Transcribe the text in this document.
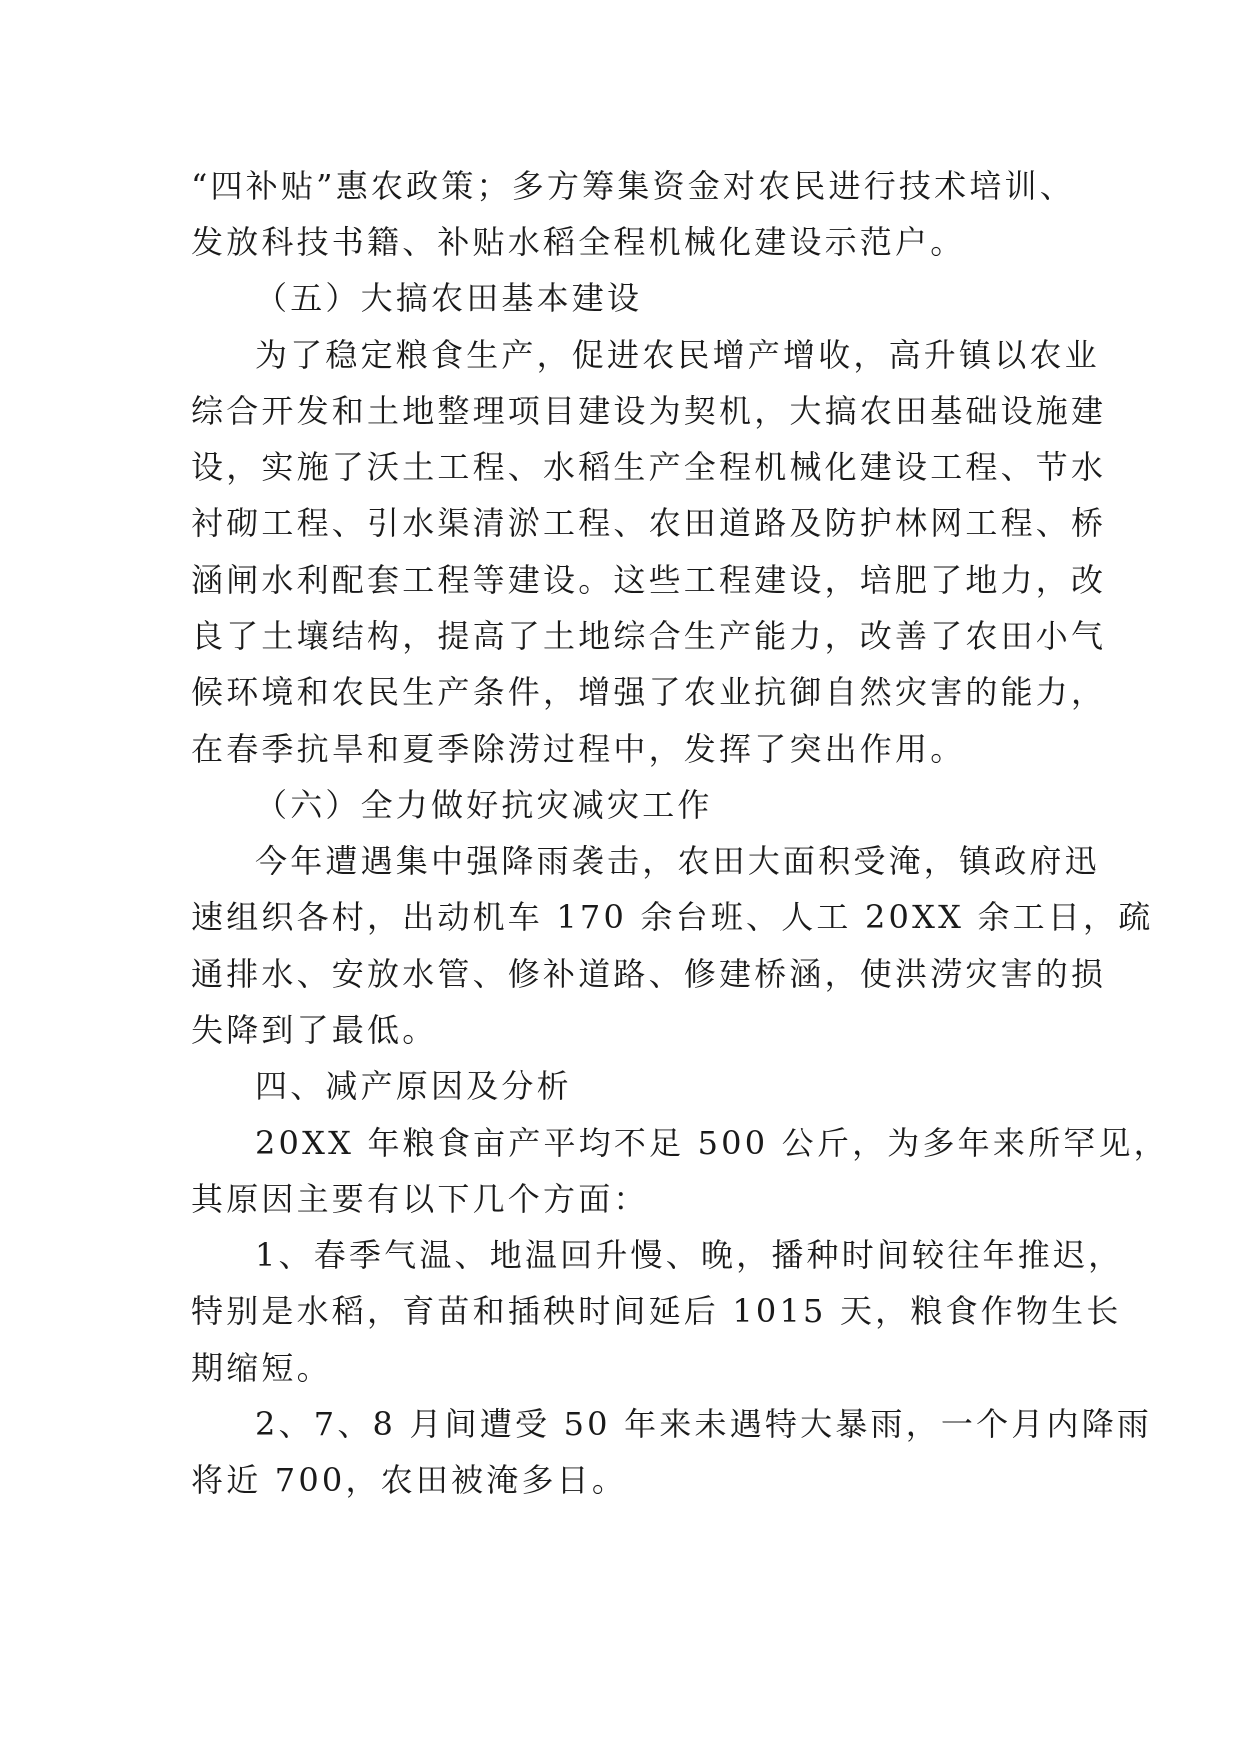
“四补贴”惠农政策；多方筹集资金对农民进行技术培训、
发放科技书籍、补贴水稻全程机械化建设示范户。
（五）大搞农田基本建设
为了稳定粮食生产，促进农民增产增收，高升镇以农业
综合开发和土地整理项目建设为契机，大搞农田基础设施建
设，实施了沃土工程、水稻生产全程机械化建设工程、节水
衬砌工程、引水渠清淤工程、农田道路及防护林网工程、桥
涵闸水利配套工程等建设。这些工程建设，培肥了地力，改
良了土壤结构，提高了土地综合生产能力，改善了农田小气
候环境和农民生产条件，增强了农业抗御自然灾害的能力，
在春季抗旱和夏季除涝过程中，发挥了突出作用。
（六）全力做好抗灾减灾工作
今年遭遇集中强降雨袭击，农田大面积受淹，镇政府迅
速组织各村，出动机车 170 余台班、人工 20XX 余工日，疏
通排水、安放水管、修补道路、修建桥涵，使洪涝灾害的损
失降到了最低。
四、减产原因及分析
20XX 年粮食亩产平均不足 500 公斤，为多年来所罕见，
其原因主要有以下几个方面：
1、春季气温、地温回升慢、晚，播种时间较往年推迟，
特别是水稻，育苗和插秧时间延后 1015 天，粮食作物生长
期缩短。
2、7、8 月间遭受 50 年来未遇特大暴雨，一个月内降雨
将近 700，农田被淹多日。
